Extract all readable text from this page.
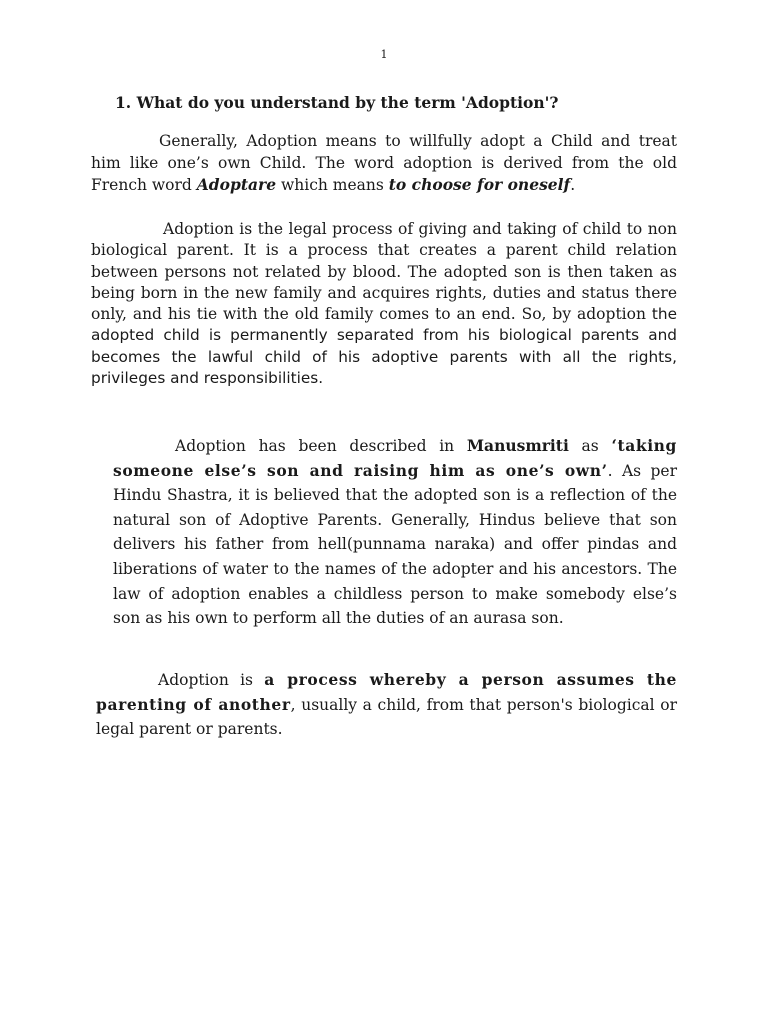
1
1. What do you understand by the term 'Adoption'?

Generally, Adoption means to willfully adopt a Child and treat him like one’s own Child. The word adoption is derived from the old French word Adoptare which means to choose for oneself.

Adoption is the legal process of giving and taking of child to non biological parent. It is a process that creates a parent child relation between persons not related by blood. The adopted son is then taken as being born in the new family and acquires rights, duties and status there only, and his tie with the old family comes to an end. So, by adoption the adopted child is permanently separated from his biological parents and becomes the lawful child of his adoptive parents with all the rights, privileges and responsibilities.

Adoption has been described in Manusmriti as ‘taking someone else’s son and raising him as one’s own’. As per Hindu Shastra, it is believed that the adopted son is a reflection of the natural son of Adoptive Parents. Generally, Hindus believe that son delivers his father from hell(punnama naraka) and offer pindas and liberations of water to the names of the adopter and his ancestors. The law of adoption enables a childless person to make somebody else’s son as his own to perform all the duties of an aurasa son.

Adoption is a process whereby a person assumes the parenting of another, usually a child, from that person's biological or legal parent or parents.
